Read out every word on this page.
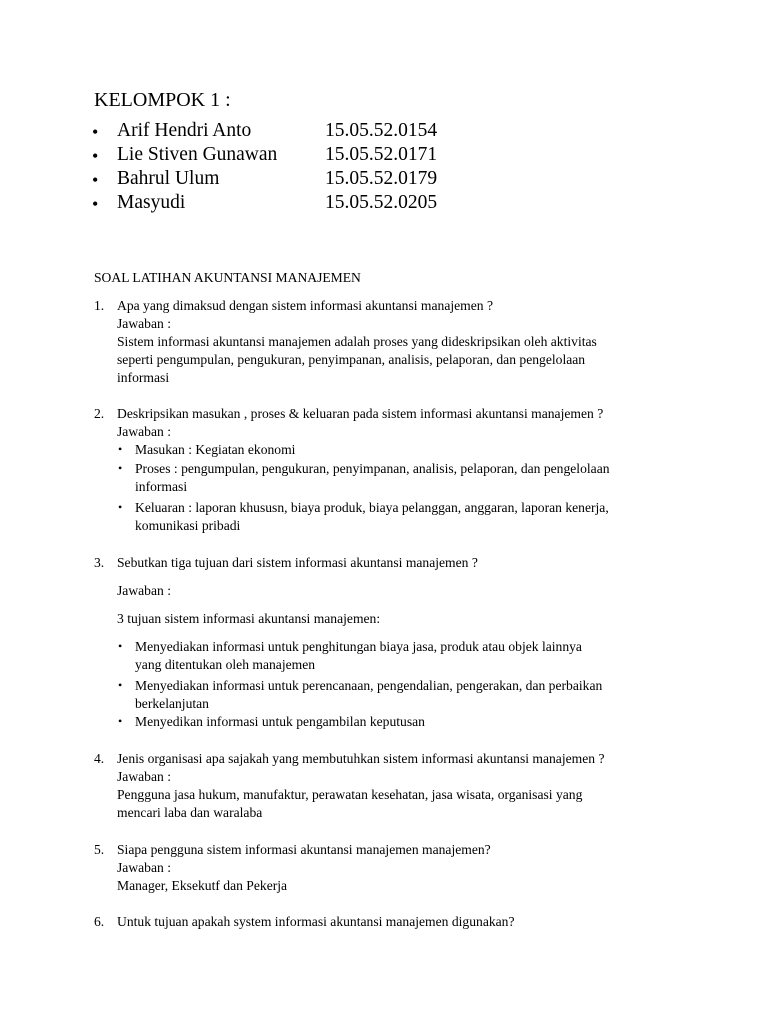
KELOMPOK 1 :
• Arif Hendri Anto	15.05.52.0154
• Lie Stiven Gunawan 15.05.52.0171
• Bahrul Ulum	15.05.52.0179
• Masyudi	15.05.52.0205
SOAL LATIHAN AKUNTANSI MANAJEMEN
1. Apa yang dimaksud dengan sistem informasi akuntansi manajemen ?
Jawaban :
Sistem informasi akuntansi manajemen adalah proses yang dideskripsikan oleh aktivitas
seperti pengumpulan, pengukuran, penyimpanan, analisis, pelaporan, dan pengelolaan
informasi
2. Deskripsikan masukan , proses & keluaran pada sistem informasi akuntansi manajemen ?
Jawaban :
• Masukan : Kegiatan ekonomi
• Proses : pengumpulan, pengukuran, penyimpanan, analisis, pelaporan, dan pengelolaan
informasi
• Keluaran : laporan khususn, biaya produk, biaya pelanggan, anggaran, laporan kenerja,
komunikasi pribadi
3. Sebutkan tiga tujuan dari sistem informasi akuntansi manajemen ?
Jawaban :
3 tujuan sistem informasi akuntansi manajemen:
• Menyediakan informasi untuk penghitungan biaya jasa, produk atau objek lainnya
yang ditentukan oleh manajemen
• Menyediakan informasi untuk perencanaan, pengendalian, pengerakan, dan perbaikan
berkelanjutan
• Menyedikan informasi untuk pengambilan keputusan
4. Jenis organisasi apa sajakah yang membutuhkan sistem informasi akuntansi manajemen ?
Jawaban :
Pengguna jasa hukum, manufaktur, perawatan kesehatan, jasa wisata, organisasi yang
mencari laba dan waralaba
5. Siapa pengguna sistem informasi akuntansi manajemen manajemen?
Jawaban :
Manager, Eksekutf dan Pekerja
6. Untuk tujuan apakah system informasi akuntansi manajemen digunakan?
